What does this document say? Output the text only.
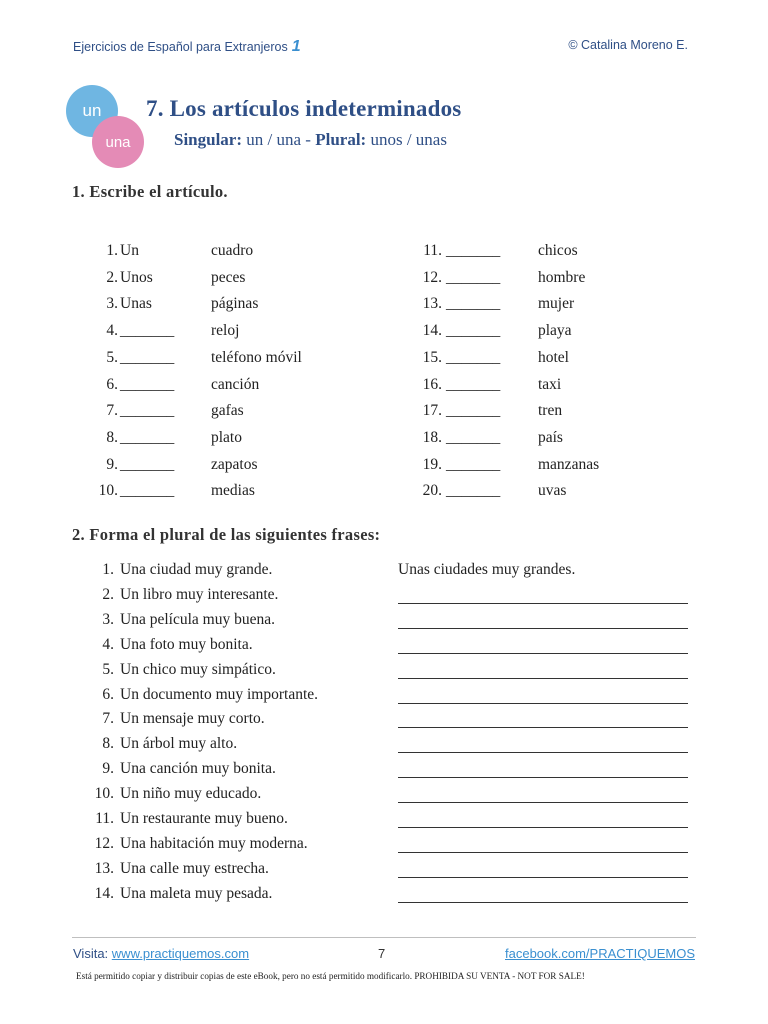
Ejercicios de Español para Extranjeros 1	© Catalina Moreno E.
un
una
7. Los artículos indeterminados
Singular: un / una - Plural: unos / unas
1. Escribe el artículo.
1. Un	cuadro	11. _______ chicos
2. Unos	peces	12. _______ hombre
3. Unas	páginas	13. _______ mujer
4. _______ reloj	14. _______ playa
5. _______ teléfono móvil	15. _______ hotel
6. _______ canción	16. _______ taxi
7. _______ gafas	17. _______ tren
8. _______ plato	18. _______ país
9. _______ zapatos	19. _______ manzanas
10. _______ medias	20. _______ uvas
2. Forma el plural de las siguientes frases:
1. Una ciudad muy grande.	Unas ciudades muy grandes.
2. Un libro muy interesante.
3. Una película muy buena.
4. Una foto muy bonita.
5. Un chico muy simpático.
6. Un documento muy importante.
7. Un mensaje muy corto.
8. Un árbol muy alto.
9. Una canción muy bonita.
10. Un niño muy educado.
11. Un restaurante muy bueno.
12. Una habitación muy moderna.
13. Una calle muy estrecha.
14. Una maleta muy pesada.
Visita: www.practiquemos.com	7	facebook.com/PRACTIQUEMOS
Está permitido copiar y distribuir copias de este eBook, pero no está permitido modificarlo. PROHIBIDA SU VENTA - NOT FOR SALE!
